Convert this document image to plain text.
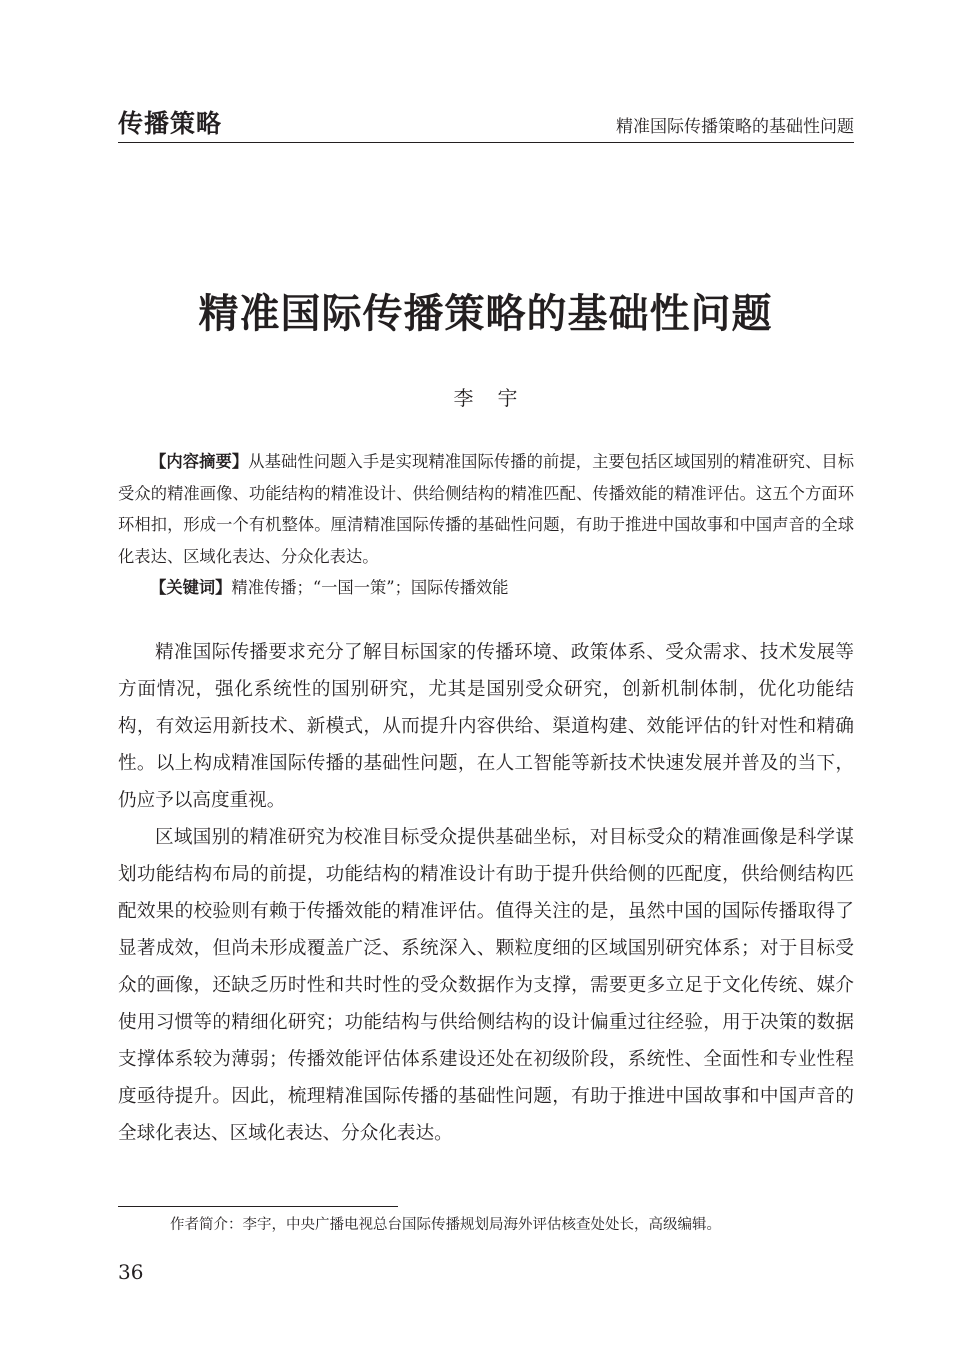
传播策略	精准国际传播策略的基础性问题
精准国际传播策略的基础性问题
李宇
【内容摘要】从基础性问题入手是实现精准国际传播的前提，主要包括区域国别的精准研究、目标受众的精准画像、功能结构的精准设计、供给侧结构的精准匹配、传播效能的精准评估。这五个方面环环相扣，形成一个有机整体。厘清精准国际传播的基础性问题，有助于推进中国故事和中国声音的全球化表达、区域化表达、分众化表达。
【关键词】精准传播；“一国一策”；国际传播效能

精准国际传播要求充分了解目标国家的传播环境、政策体系、受众需求、技术发展等方面情况，强化系统性的国别研究，尤其是国别受众研究，创新机制体制，优化功能结构，有效运用新技术、新模式，从而提升内容供给、渠道构建、效能评估的针对性和精确性。以上构成精准国际传播的基础性问题，在人工智能等新技术快速发展并普及的当下，仍应予以高度重视。

区域国别的精准研究为校准目标受众提供基础坐标，对目标受众的精准画像是科学谋划功能结构布局的前提，功能结构的精准设计有助于提升供给侧的匹配度，供给侧结构匹配效果的校验则有赖于传播效能的精准评估。值得关注的是，虽然中国的国际传播取得了显著成效，但尚未形成覆盖广泛、系统深入、颗粒度细的区域国别研究体系；对于目标受众的画像，还缺乏历时性和共时性的受众数据作为支撑，需要更多立足于文化传统、媒介使用习惯等的精细化研究；功能结构与供给侧结构的设计偏重过往经验，用于决策的数据支撑体系较为薄弱；传播效能评估体系建设还处在初级阶段，系统性、全面性和专业性程度亟待提升。因此，梳理精准国际传播的基础性问题，有助于推进中国故事和中国声音的全球化表达、区域化表达、分众化表达。

作者简介：李宇，中央广播电视总台国际传播规划局海外评估核查处处长，高级编辑。
36
